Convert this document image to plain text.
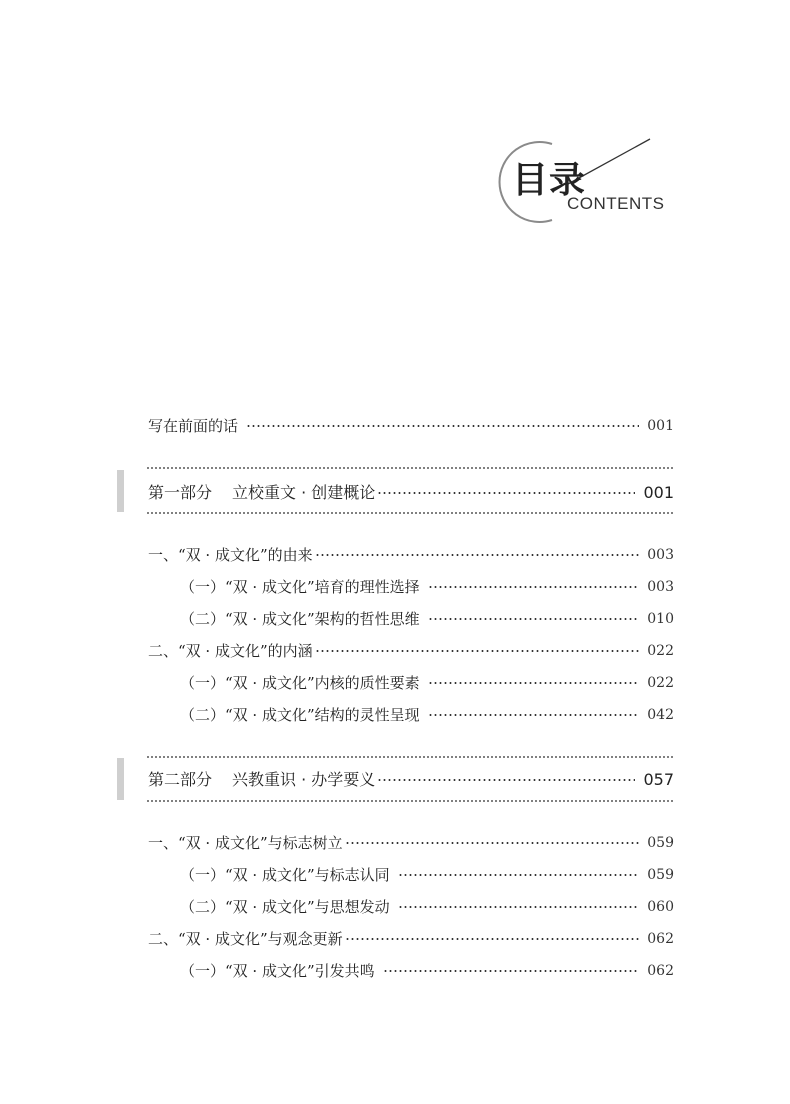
目录
CONTENTS
写在前面的话	001
第一部分 立校重文 · 创建概论	001
一、“双 · 成文化”的由来	003
（一）“双 · 成文化”培育的理性选择	003
（二）“双 · 成文化”架构的哲性思维	010
二、“双 · 成文化”的内涵	022
（一）“双 · 成文化”内核的质性要素	022
（二）“双 · 成文化”结构的灵性呈现	042
第二部分 兴教重识 · 办学要义	057
一、“双 · 成文化”与标志树立	059
（一）“双 · 成文化”与标志认同	059
（二）“双 · 成文化”与思想发动	060
二、“双 · 成文化”与观念更新	062
（一）“双 · 成文化”引发共鸣	062
